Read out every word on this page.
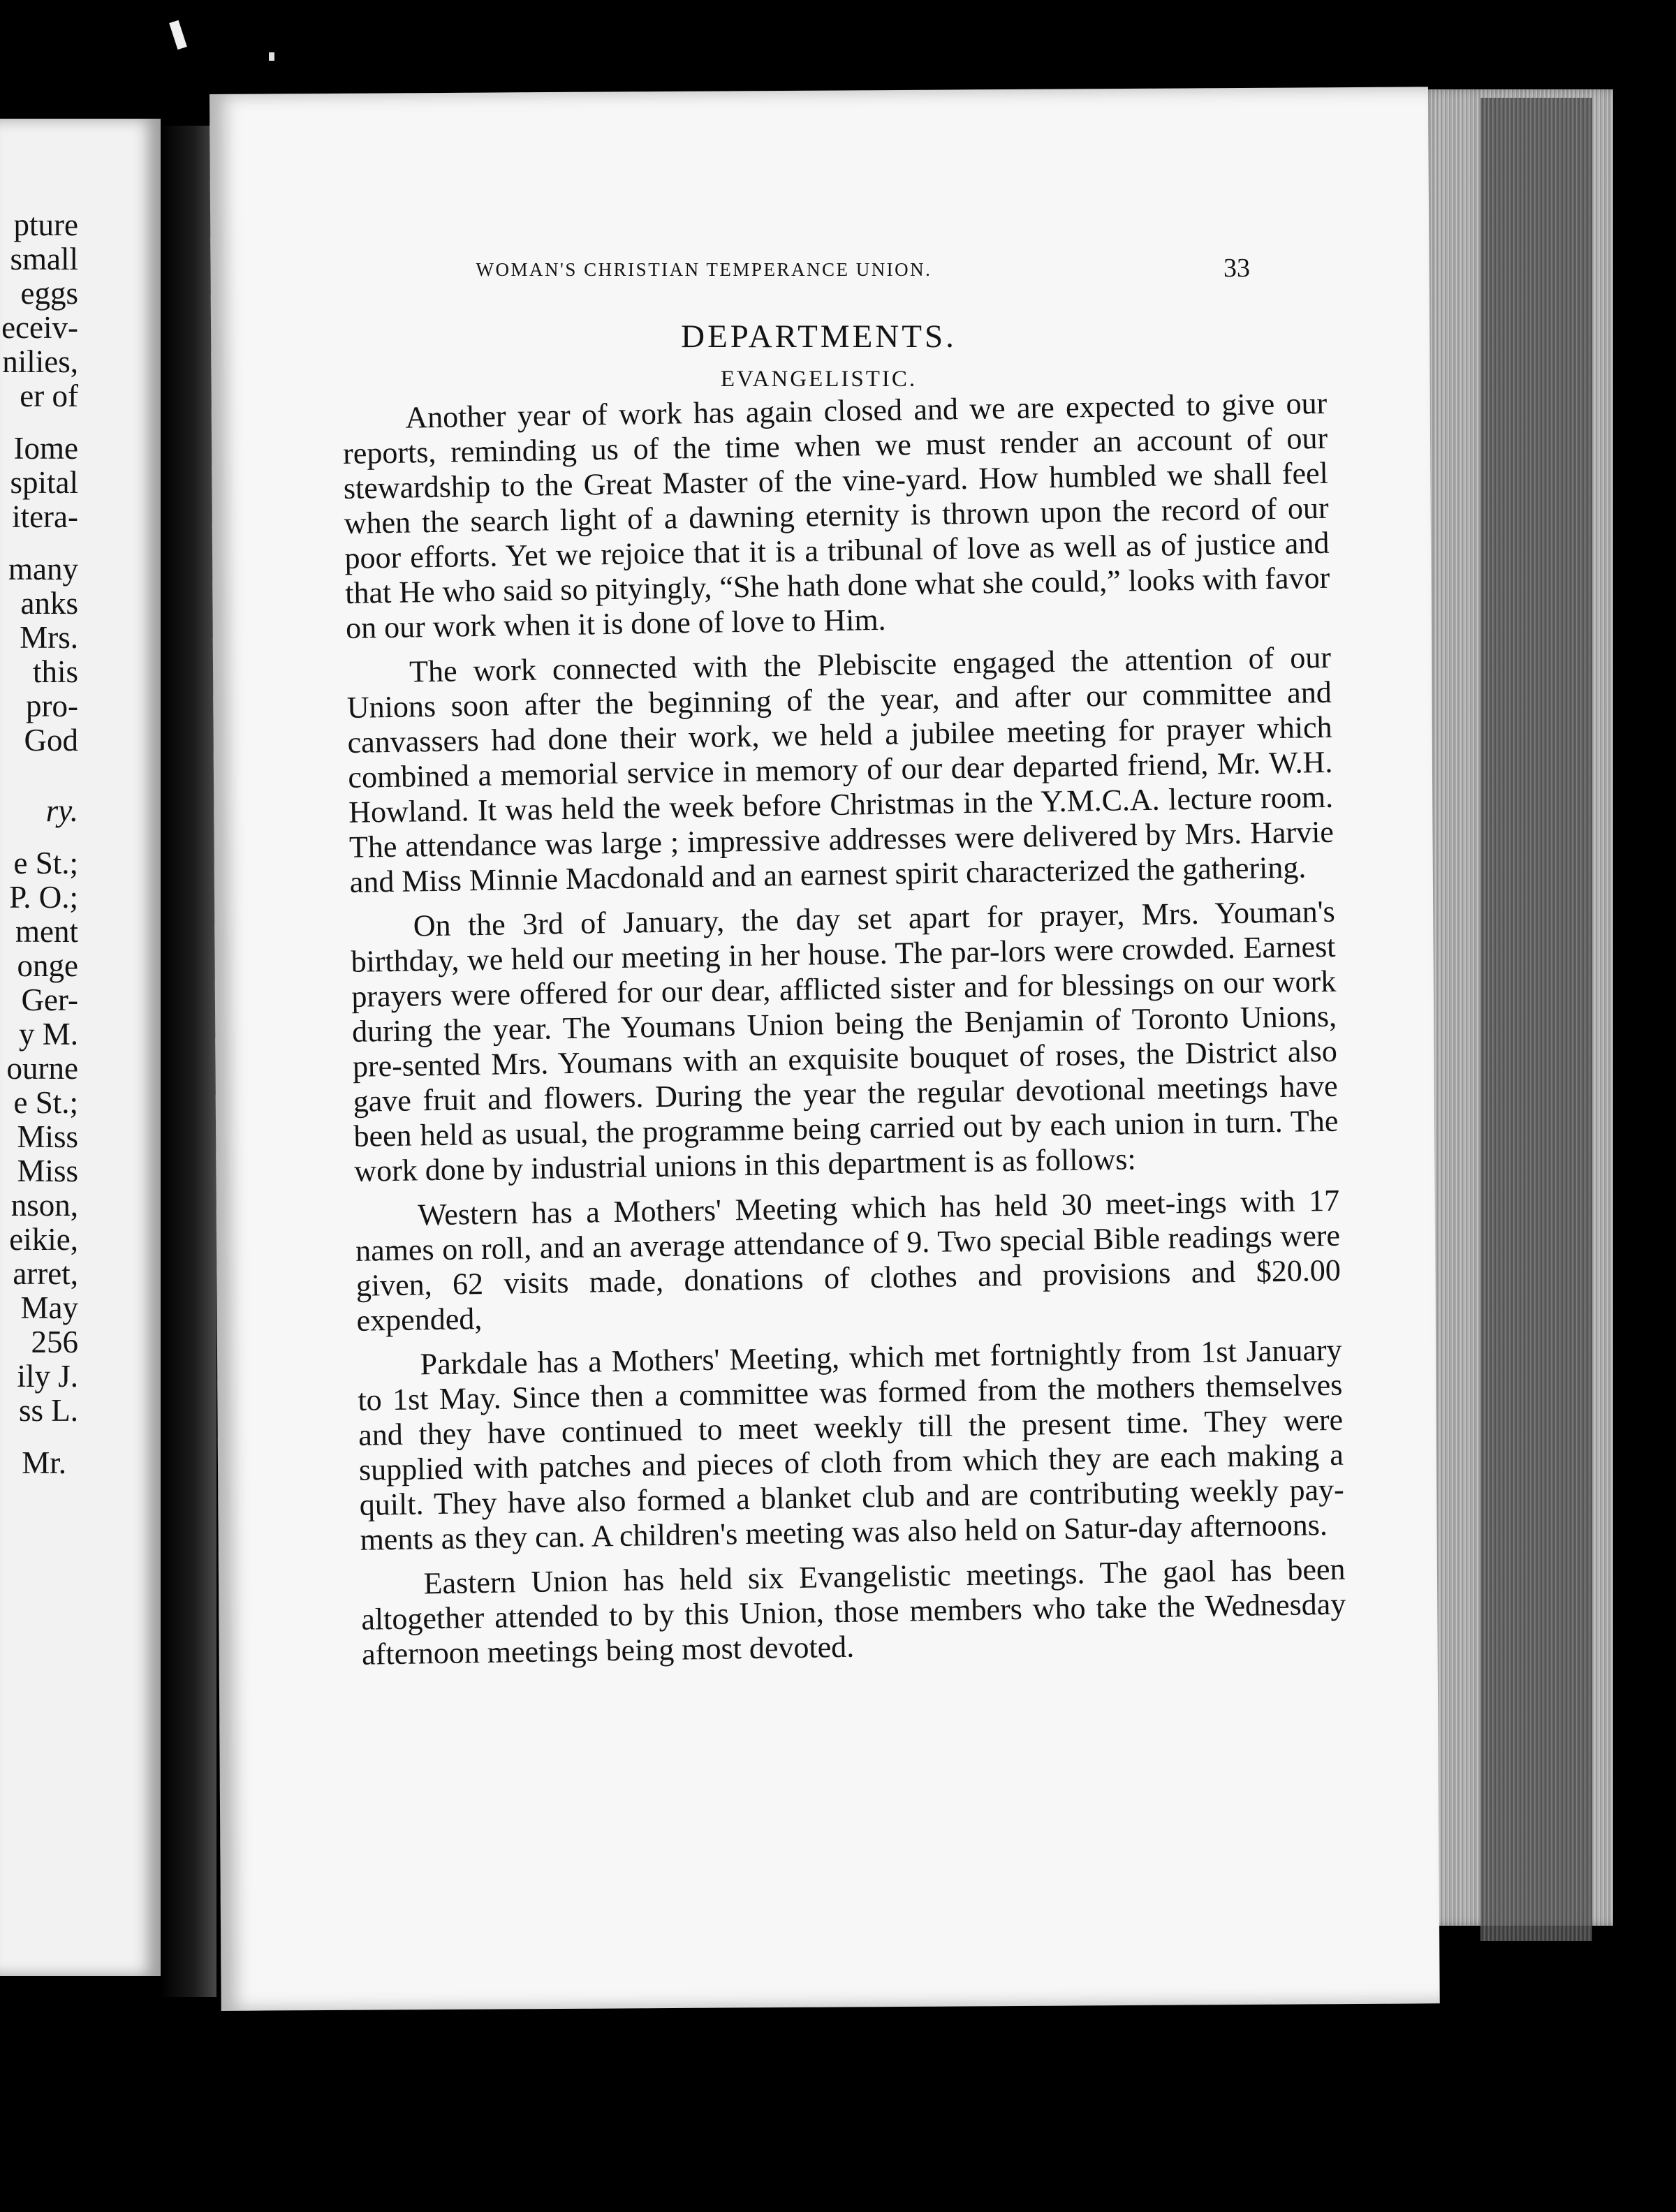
pture
small
eggs
eceiv-
nilies,
er of
Iome
spital
itera-
many
anks
Mrs.
this
pro-
God
ry.
e St.;
P. O.;
ment
onge
Ger-
y M.
ourne
e St.;
Miss
Miss
nson,
eikie,
arret,
May
256
ily J.
ss L.
Mr.
WOMAN'S CHRISTIAN TEMPERANCE UNION.	33
DEPARTMENTS.
EVANGELISTIC.

Another year of work has again closed and we are expected to give our reports, reminding us of the time when we must render an account of our stewardship to the Great Master of the vine-yard. How humbled we shall feel when the search light of a dawning eternity is thrown upon the record of our poor efforts. Yet we rejoice that it is a tribunal of love as well as of justice and that He who said so pityingly, “She hath done what she could,” looks with favor on our work when it is done of love to Him.

The work connected with the Plebiscite engaged the attention of our Unions soon after the beginning of the year, and after our committee and canvassers had done their work, we held a jubilee meeting for prayer which combined a memorial service in memory of our dear departed friend, Mr. W.H. Howland. It was held the week before Christmas in the Y.M.C.A. lecture room. The attendance was large ; impressive addresses were delivered by Mrs. Harvie and Miss Minnie Macdonald and an earnest spirit characterized the gathering.

On the 3rd of January, the day set apart for prayer, Mrs. Youman's birthday, we held our meeting in her house. The par-lors were crowded. Earnest prayers were offered for our dear, afflicted sister and for blessings on our work during the year. The Youmans Union being the Benjamin of Toronto Unions, pre-sented Mrs. Youmans with an exquisite bouquet of roses, the District also gave fruit and flowers. During the year the regular devotional meetings have been held as usual, the programme being carried out by each union in turn. The work done by industrial unions in this department is as follows:

Western has a Mothers' Meeting which has held 30 meet-ings with 17 names on roll, and an average attendance of 9. Two special Bible readings were given, 62 visits made, donations of clothes and provisions and $20.00 expended,

Parkdale has a Mothers' Meeting, which met fortnightly from 1st January to 1st May. Since then a committee was formed from the mothers themselves and they have continued to meet weekly till the present time. They were supplied with patches and pieces of cloth from which they are each making a quilt. They have also formed a blanket club and are contributing weekly pay-ments as they can. A children's meeting was also held on Satur-day afternoons.

Eastern Union has held six Evangelistic meetings. The gaol has been altogether attended to by this Union, those members who take the Wednesday afternoon meetings being most devoted.
